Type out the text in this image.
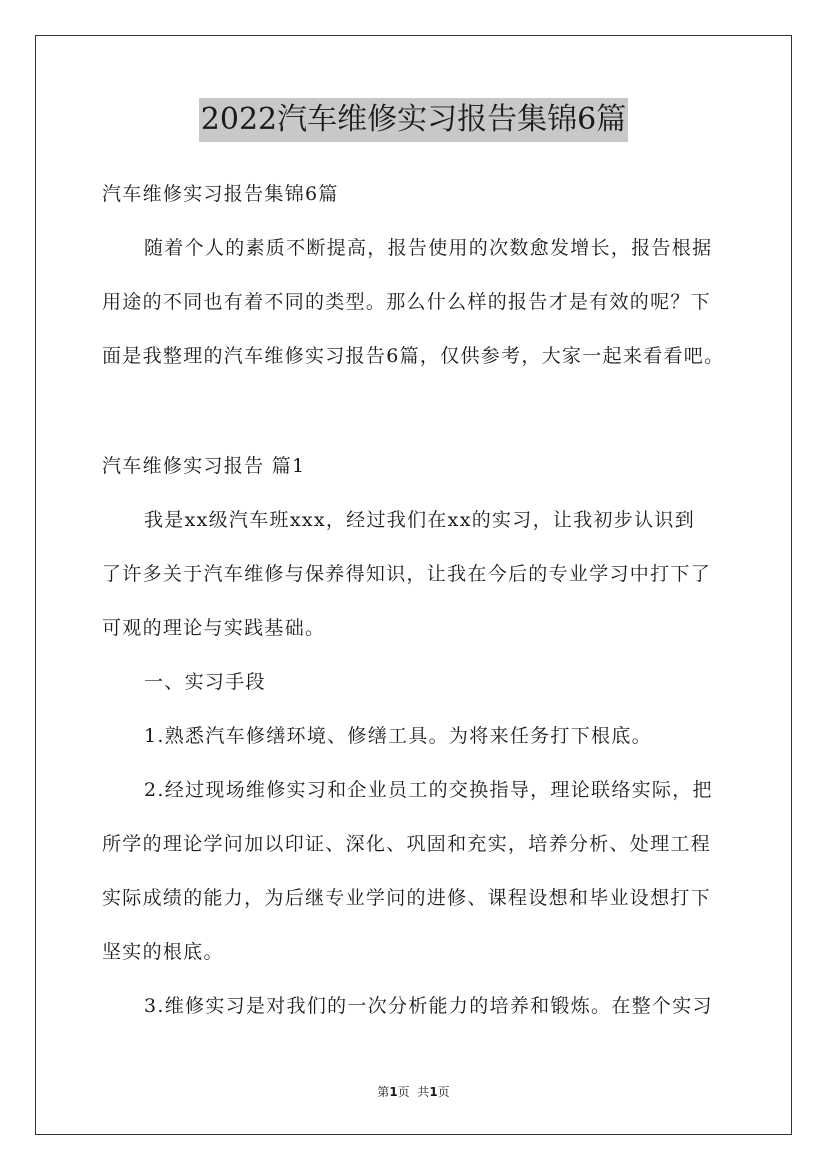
2022汽车维修实习报告集锦6篇
汽车维修实习报告集锦6篇
随着个人的素质不断提高，报告使用的次数愈发增长，报告根据
用途的不同也有着不同的类型。那么什么样的报告才是有效的呢？下
面是我整理的汽车维修实习报告6篇，仅供参考，大家一起来看看吧。
汽车维修实习报告 篇1
我是xx级汽车班xxx，经过我们在xx的实习，让我初步认识到
了许多关于汽车维修与保养得知识，让我在今后的专业学习中打下了
可观的理论与实践基础。
一、实习手段
1.熟悉汽车修缮环境、修缮工具。为将来任务打下根底。
2.经过现场维修实习和企业员工的交换指导，理论联络实际，把
所学的理论学问加以印证、深化、巩固和充实，培养分析、处理工程
实际成绩的能力，为后继专业学问的进修、课程设想和毕业设想打下
坚实的根底。
3.维修实习是对我们的一次分析能力的培养和锻炼。在整个实习
第1页  共1页
